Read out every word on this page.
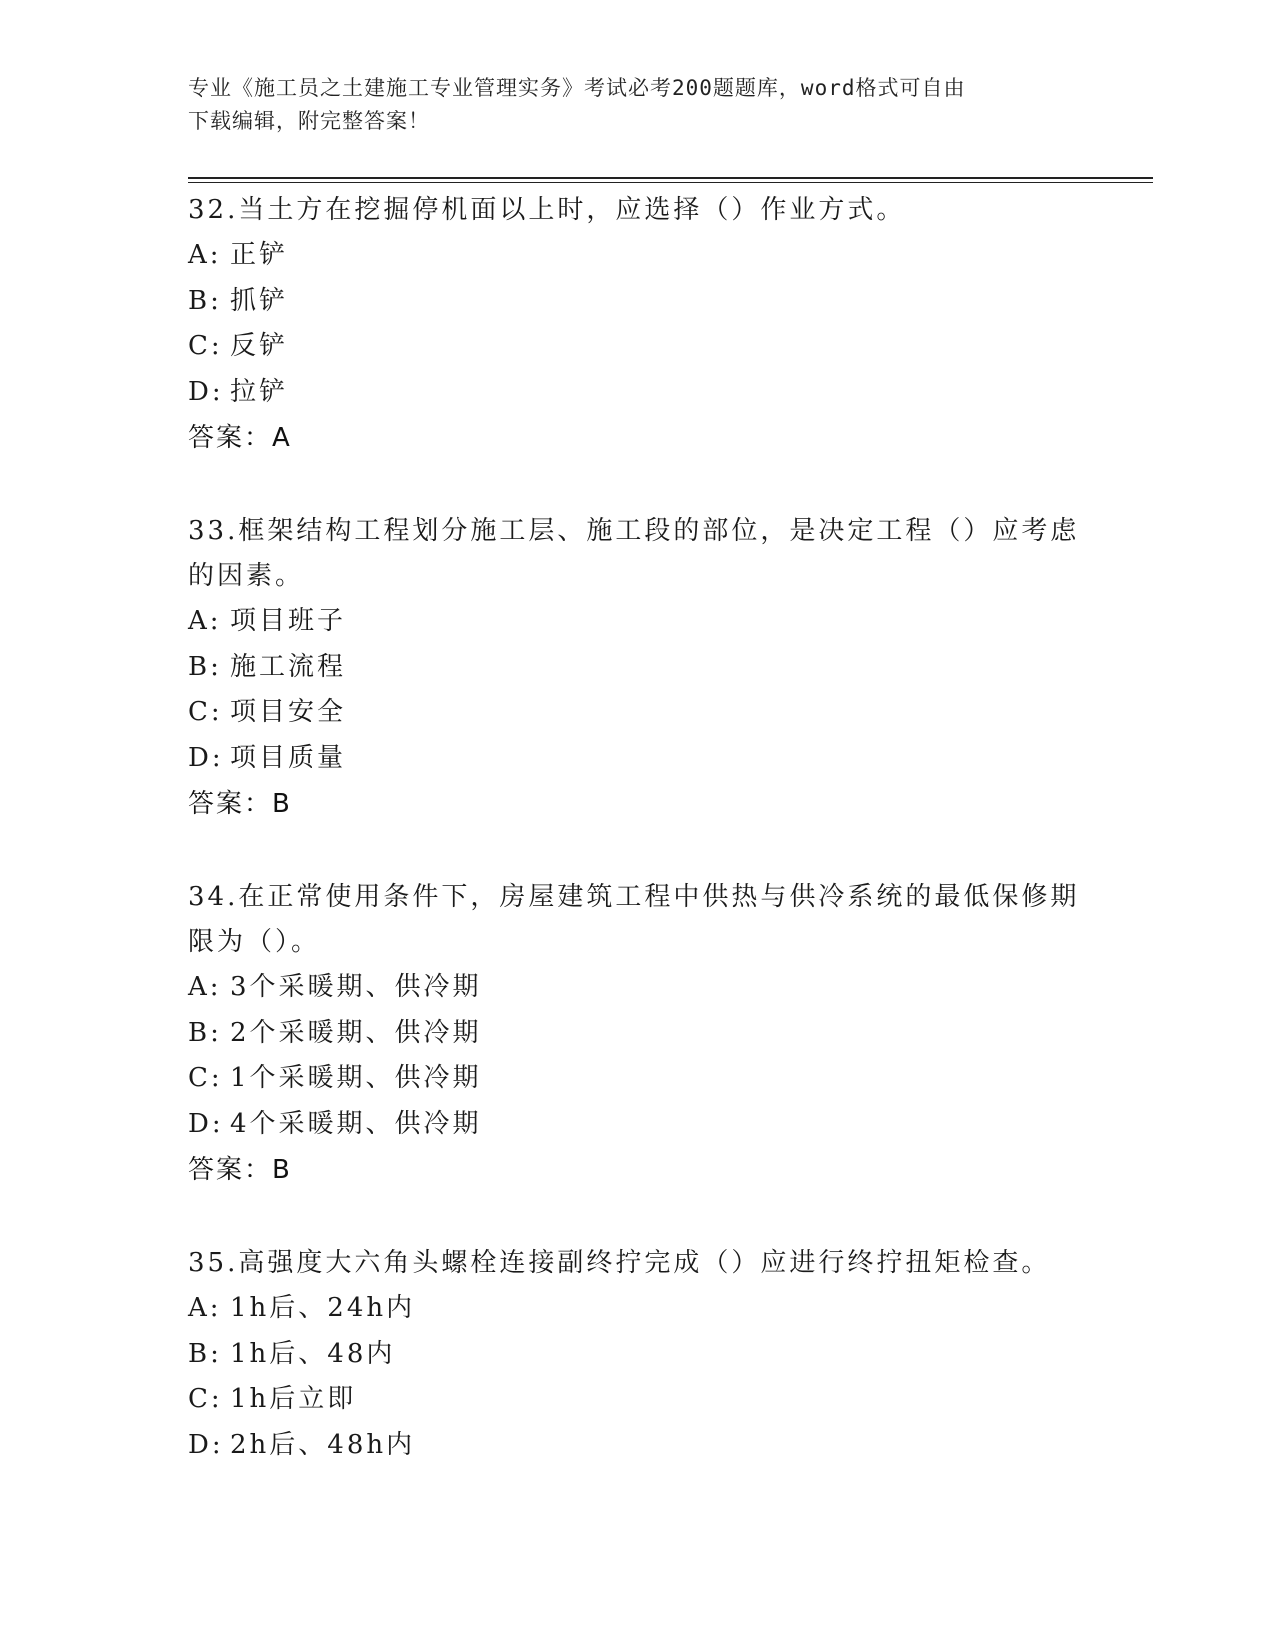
专业《施工员之土建施工专业管理实务》考试必考200题题库，word格式可自由
下载编辑，附完整答案！

32.当土方在挖掘停机面以上时，应选择（）作业方式。

A: 正铲

B: 抓铲

C: 反铲

D: 拉铲

答案：A

33.框架结构工程划分施工层、施工段的部位，是决定工程（）应考虑

的因素。

A: 项目班子

B: 施工流程

C: 项目安全

D: 项目质量

答案：B

34.在正常使用条件下，房屋建筑工程中供热与供冷系统的最低保修期

限为（）。

A: 3个采暖期、供冷期

B: 2个采暖期、供冷期

C: 1个采暖期、供冷期

D: 4个采暖期、供冷期

答案：B

35.高强度大六角头螺栓连接副终拧完成（）应进行终拧扭矩检查。

A: 1h后、24h内

B: 1h后、48内

C: 1h后立即

D: 2h后、48h内
